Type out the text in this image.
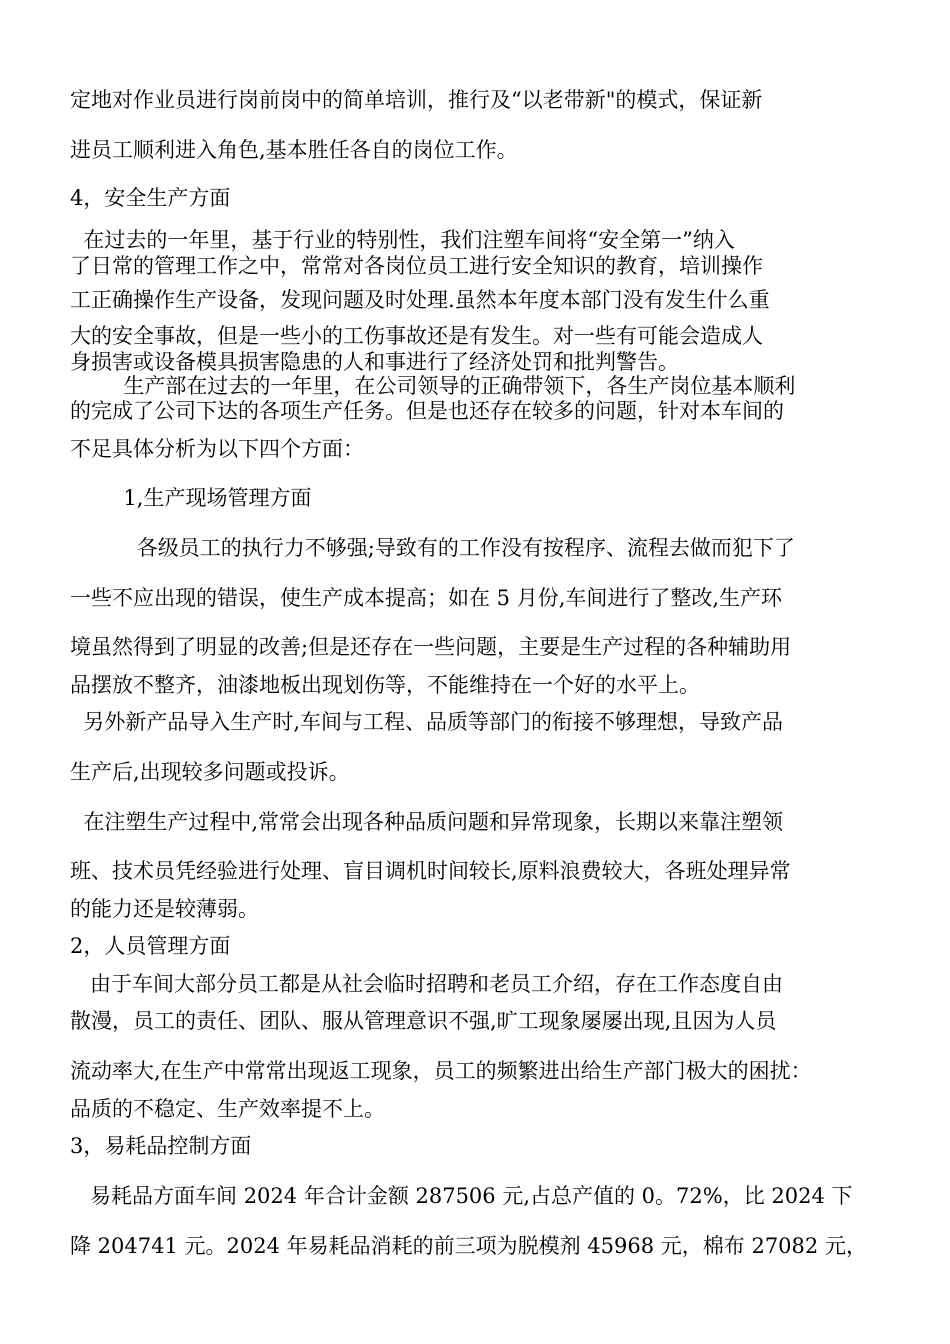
定地对作业员进行岗前岗中的简单培训，推行及“以老带新"的模式，保证新
进员工顺利进入角色,基本胜任各自的岗位工作。
4，安全生产方面
在过去的一年里，基于行业的特别性，我们注塑车间将“安全第一”纳入
了日常的管理工作之中，常常对各岗位员工进行安全知识的教育，培训操作
工正确操作生产设备，发现问题及时处理.虽然本年度本部门没有发生什么重
大的安全事故，但是一些小的工伤事故还是有发生。对一些有可能会造成人
身损害或设备模具损害隐患的人和事进行了经济处罚和批判警告。
生产部在过去的一年里，在公司领导的正确带领下，各生产岗位基本顺利
的完成了公司下达的各项生产任务。但是也还存在较多的问题，针对本车间的
不足具体分析为以下四个方面：
1,生产现场管理方面
各级员工的执行力不够强;导致有的工作没有按程序、流程去做而犯下了
一些不应出现的错误，使生产成本提高；如在 5 月份,车间进行了整改,生产环
境虽然得到了明显的改善;但是还存在一些问题，主要是生产过程的各种辅助用
品摆放不整齐，油漆地板出现划伤等，不能维持在一个好的水平上。
另外新产品导入生产时,车间与工程、品质等部门的衔接不够理想，导致产品
生产后,出现较多问题或投诉。
在注塑生产过程中,常常会出现各种品质问题和异常现象，长期以来靠注塑领
班、技术员凭经验进行处理、盲目调机时间较长,原料浪费较大，各班处理异常
的能力还是较薄弱。
2，人员管理方面
由于车间大部分员工都是从社会临时招聘和老员工介绍，存在工作态度自由
散漫，员工的责任、团队、服从管理意识不强,旷工现象屡屡出现,且因为人员
流动率大,在生产中常常出现返工现象，员工的频繁进出给生产部门极大的困扰：
品质的不稳定、生产效率提不上。
3，易耗品控制方面
易耗品方面车间 2024 年合计金额 287506 元,占总产值的 0。72%，比 2024 下
降 204741 元。2024 年易耗品消耗的前三项为脱模剂 45968 元，棉布 27082 元，
